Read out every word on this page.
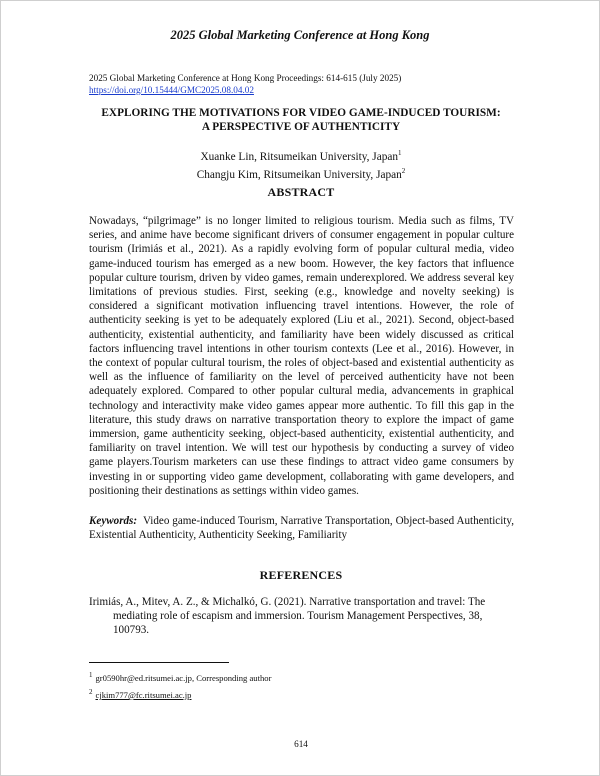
2025 Global Marketing Conference at Hong Kong
2025 Global Marketing Conference at Hong Kong Proceedings: 614-615 (July 2025)
https://doi.org/10.15444/GMC2025.08.04.02
EXPLORING THE MOTIVATIONS FOR VIDEO GAME-INDUCED TOURISM:
A PERSPECTIVE OF AUTHENTICITY
Xuanke Lin, Ritsumeikan University, Japan$^1$
Changju Kim, Ritsumeikan University, Japan$^2$
ABSTRACT

Nowadays, “pilgrimage” is no longer limited to religious tourism. Media such as films, TV series, and anime have become significant drivers of consumer engagement in popular culture tourism (Irimiás et al., 2021). As a rapidly evolving form of popular cultural media, video game-induced tourism has emerged as a new boom. However, the key factors that influence popular culture tourism, driven by video games, remain underexplored. We address several key limitations of previous studies. First, seeking (e.g., knowledge and novelty seeking) is considered a significant motivation influencing travel intentions. However, the role of authenticity seeking is yet to be adequately explored (Liu et al., 2021). Second, object-based authenticity, existential authenticity, and familiarity have been widely discussed as critical factors influencing travel intentions in other tourism contexts (Lee et al., 2016). However, in the context of popular cultural tourism, the roles of object-based and existential authenticity as well as the influence of familiarity on the level of perceived authenticity have not been adequately explored. Compared to other popular cultural media, advancements in graphical technology and interactivity make video games appear more authentic. To fill this gap in the literature, this study draws on narrative transportation theory to explore the impact of game immersion, game authenticity seeking, object-based authenticity, existential authenticity, and familiarity on travel intention. We will test our hypothesis by conducting a survey of video game players.Tourism marketers can use these findings to attract video game consumers by investing in or supporting video game development, collaborating with game developers, and positioning their destinations as settings within video games.

Keywords: Video game-induced Tourism, Narrative Transportation, Object-based Authenticity, Existential Authenticity, Authenticity Seeking, Familiarity

REFERENCES

Irimiás, A., Mitev, A. Z., & Michalkó, G. (2021). Narrative transportation and travel: The mediating role of escapism and immersion. Tourism Management Perspectives, 38, 100793.

$^1$ gr0590hr@ed.ritsumei.ac.jp, Corresponding author
$^2$ cjkim777@fc.ritsumei.ac.jp
614
